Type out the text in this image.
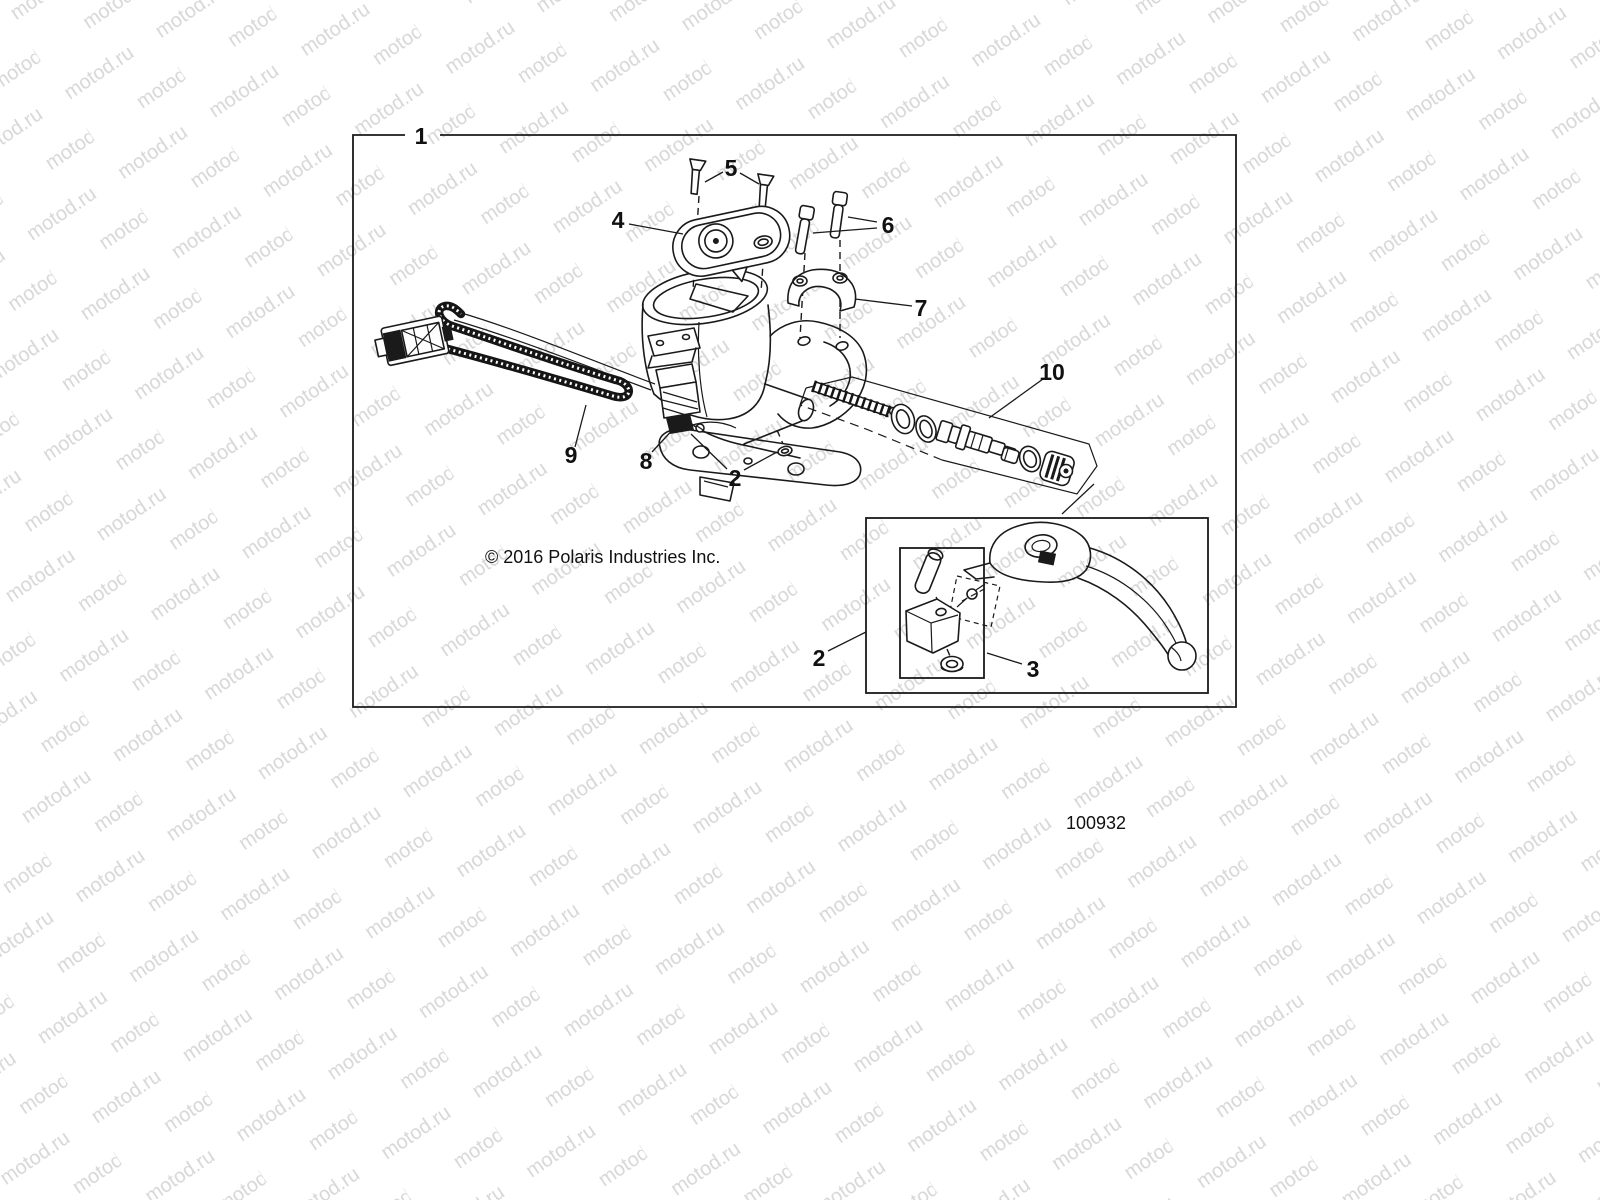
1
5
4	6
7
10
9	8
2
2	3
© 2016 Polaris Industries Inc.
100932
